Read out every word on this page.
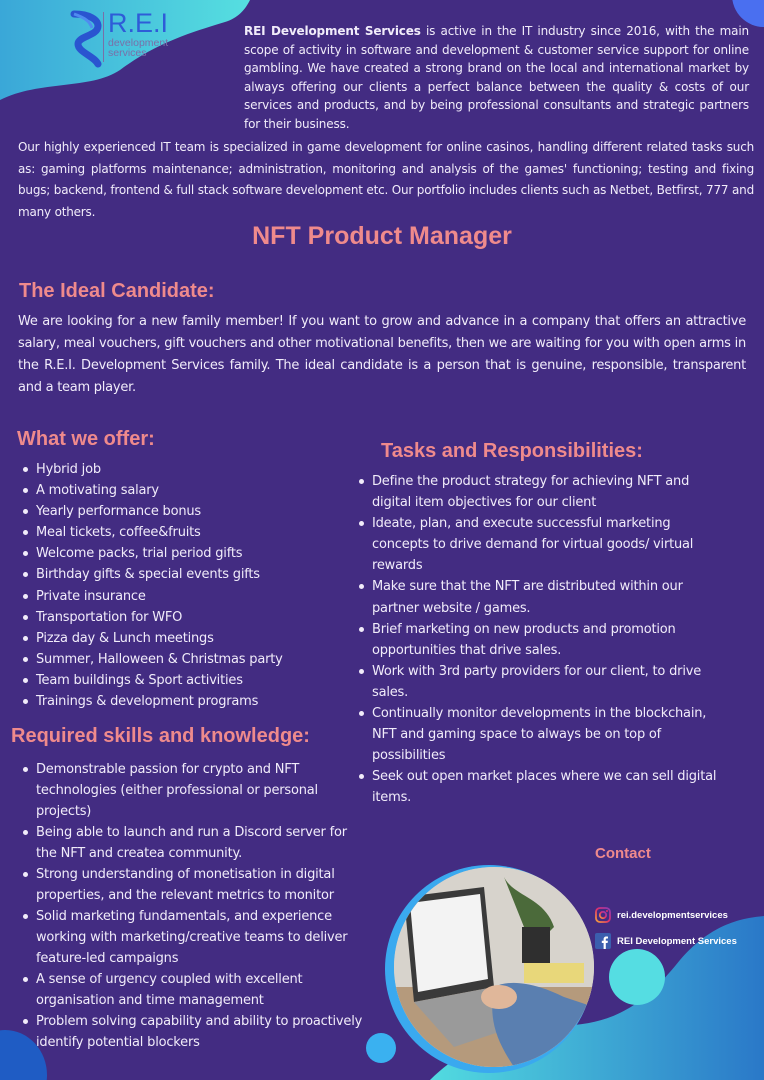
R.E.I
development
services
REI Development Services is active in the IT industry since 2016, with the main scope of activity in software and development & customer service support for online gambling. We have created a strong brand on the local and international market by always offering our clients a perfect balance between the quality & costs of our services and products, and by being professional consultants and strategic partners for their business.
Our highly experienced IT team is specialized in game development for online casinos, handling different related tasks such as: gaming platforms maintenance; administration, monitoring and analysis of the games' functioning; testing and fixing bugs; backend, frontend & full stack software development etc. Our portfolio includes clients such as Netbet, Betfirst, 777 and many others.
NFT Product Manager
The Ideal Candidate:
We are looking for a new family member! If you want to grow and advance in a company that offers an attractive salary, meal vouchers, gift vouchers and other motivational benefits, then we are waiting for you with open arms in the R.E.I. Development Services family. The ideal candidate is a person that is genuine, responsible, transparent and a team player.
What we offer:
Hybrid job
A motivating salary
Yearly performance bonus
Meal tickets, coffee&fruits
Welcome packs, trial period gifts
Birthday gifts & special events gifts
Private insurance
Transportation for WFO
Pizza day & Lunch meetings
Summer, Halloween & Christmas party
Team buildings & Sport activities
Trainings & development programs
Required skills and knowledge:
Demonstrable passion for crypto and NFT technologies (either professional or personal projects)
Being able to launch and run a Discord server for the NFT and createa community.
Strong understanding of monetisation in digital properties, and the relevant metrics to monitor
Solid marketing fundamentals, and experience working with marketing/creative teams to deliver feature-led campaigns
A sense of urgency coupled with excellent organisation and time management
Problem solving capability and ability to proactively identify potential blockers
Tasks and Responsibilities:
Define the product strategy for achieving NFT and digital item objectives for our client
Ideate, plan, and execute successful marketing concepts to drive demand for virtual goods/ virtual rewards
Make sure that the NFT are distributed within our partner website / games.
Brief marketing on new products and promotion opportunities that drive sales.
Work with 3rd party providers for our client, to drive sales.
Continually monitor developments in the blockchain, NFT and gaming space to always be on top of possibilities
Seek out open market places where we can sell digital items.
Contact
rei.developmentservices
REI Development Services
